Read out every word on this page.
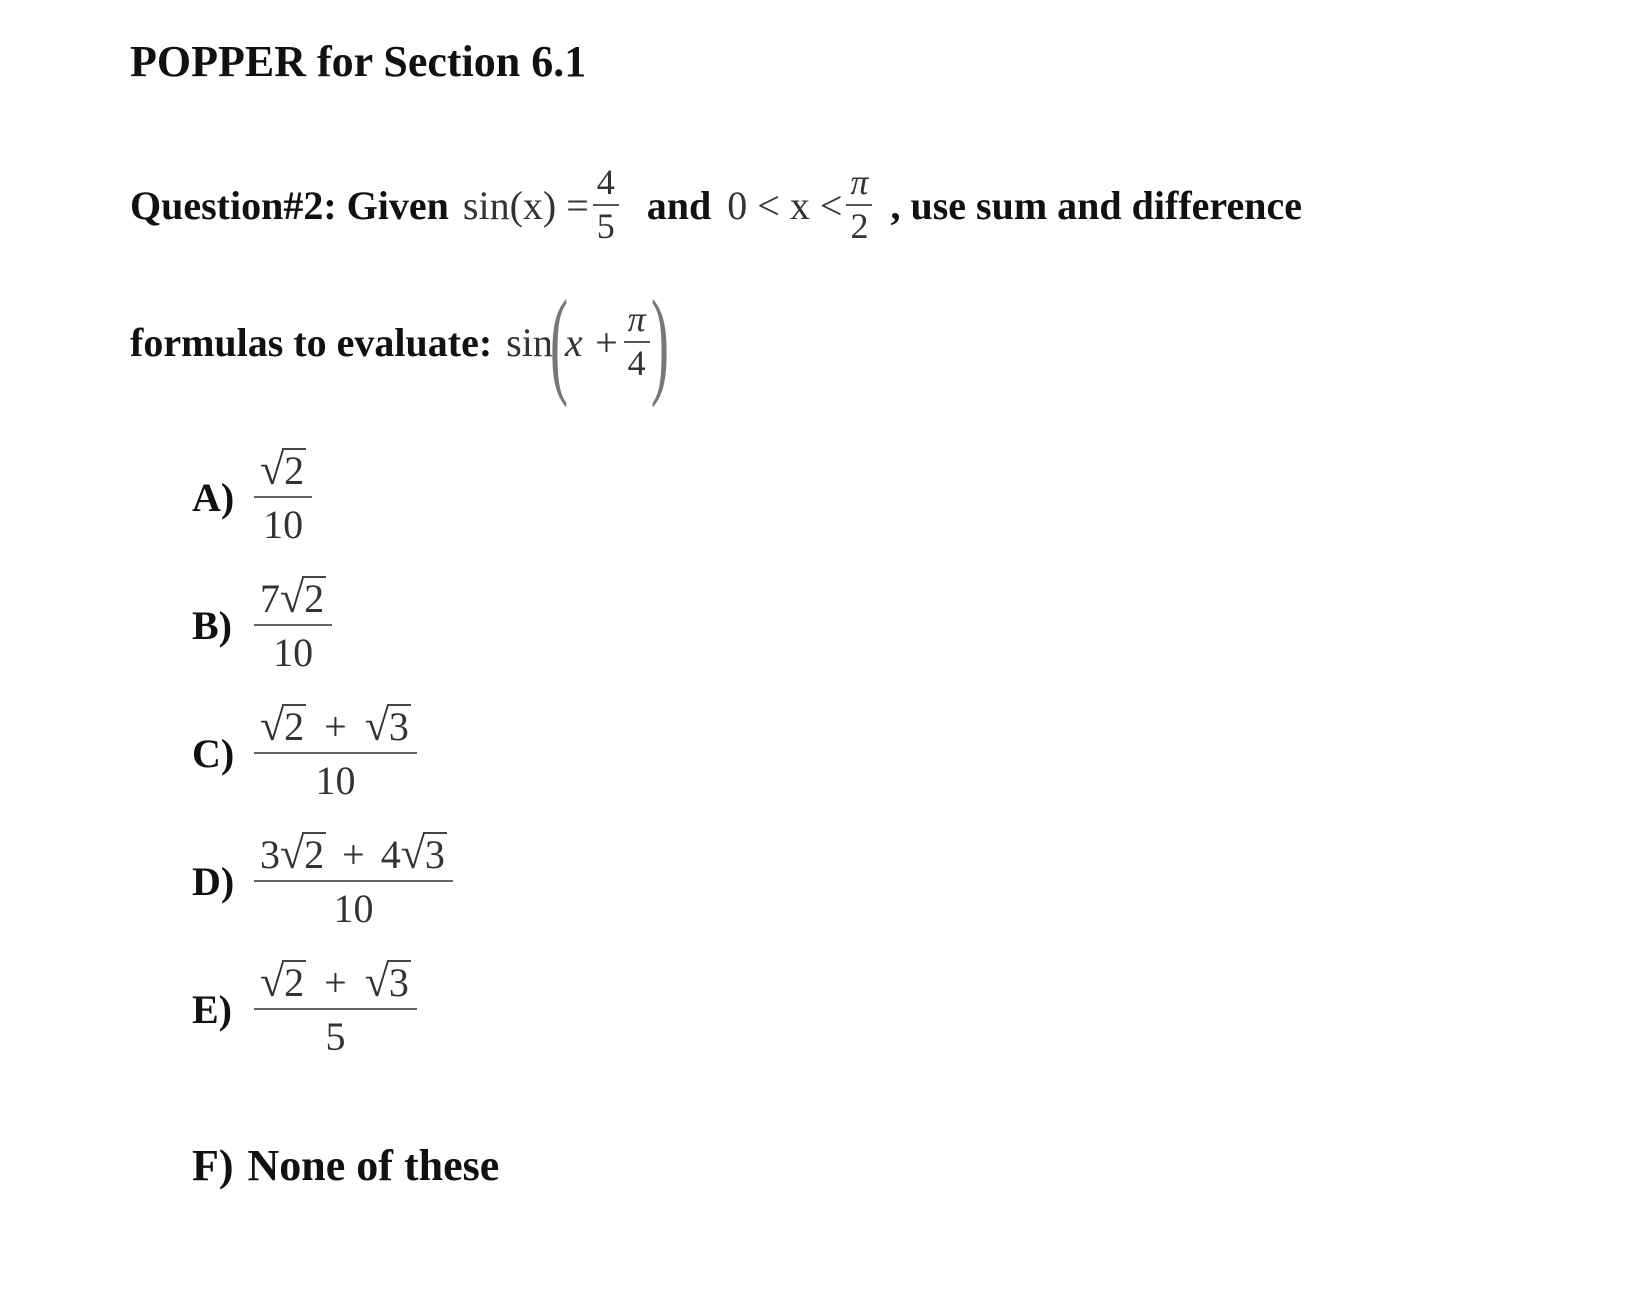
POPPER for Section 6.1
Question#2: Given $\sin(x) = \frac{4}{5}$ and $0 < x < \frac{\pi}{2}$ , use sum and difference
formulas to evaluate: sin
(
$x + \frac{\pi}{4}$ )
$A) \frac{√ 2}{10}$
$B) \frac{7 √ 2}{10}$
$C) \frac{√ 2 + √ 3}{10}$
$D) \frac{3 √ 2 + 4 √ 3}{10}$
$E) \frac{√ 2 + √ 3}{5}$
F) None of these
